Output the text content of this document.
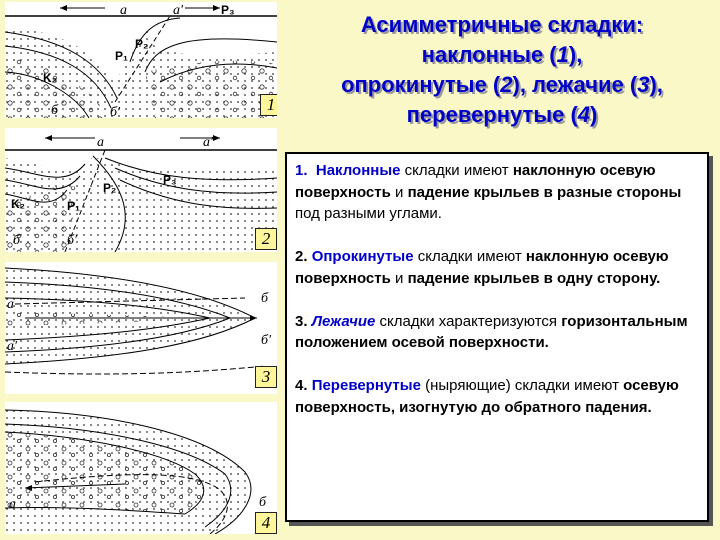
а	а′	P₃
P₂
P₁
K₂
б	б′	1
а	а′
P₃
P₂
P₁
K₂
б	б′	2
а
а′
б
б′
3
а	б
4
Асимметричные складки:
наклонные (1),
опрокинутые (2), лежачие (3),
перевернутые (4)

1. Наклонные складки имеют наклонную осевую поверхность и падение крыльев в разные стороны под разными углами.

2. Опрокинутые складки имеют наклонную осевую поверхность и падение крыльев в одну сторону.

3. Лежачие складки характеризуются горизонтальным положением осевой поверхности.

4. Перевернутые (ныряющие) складки имеют осевую поверхность, изогнутую до обратного падения.
